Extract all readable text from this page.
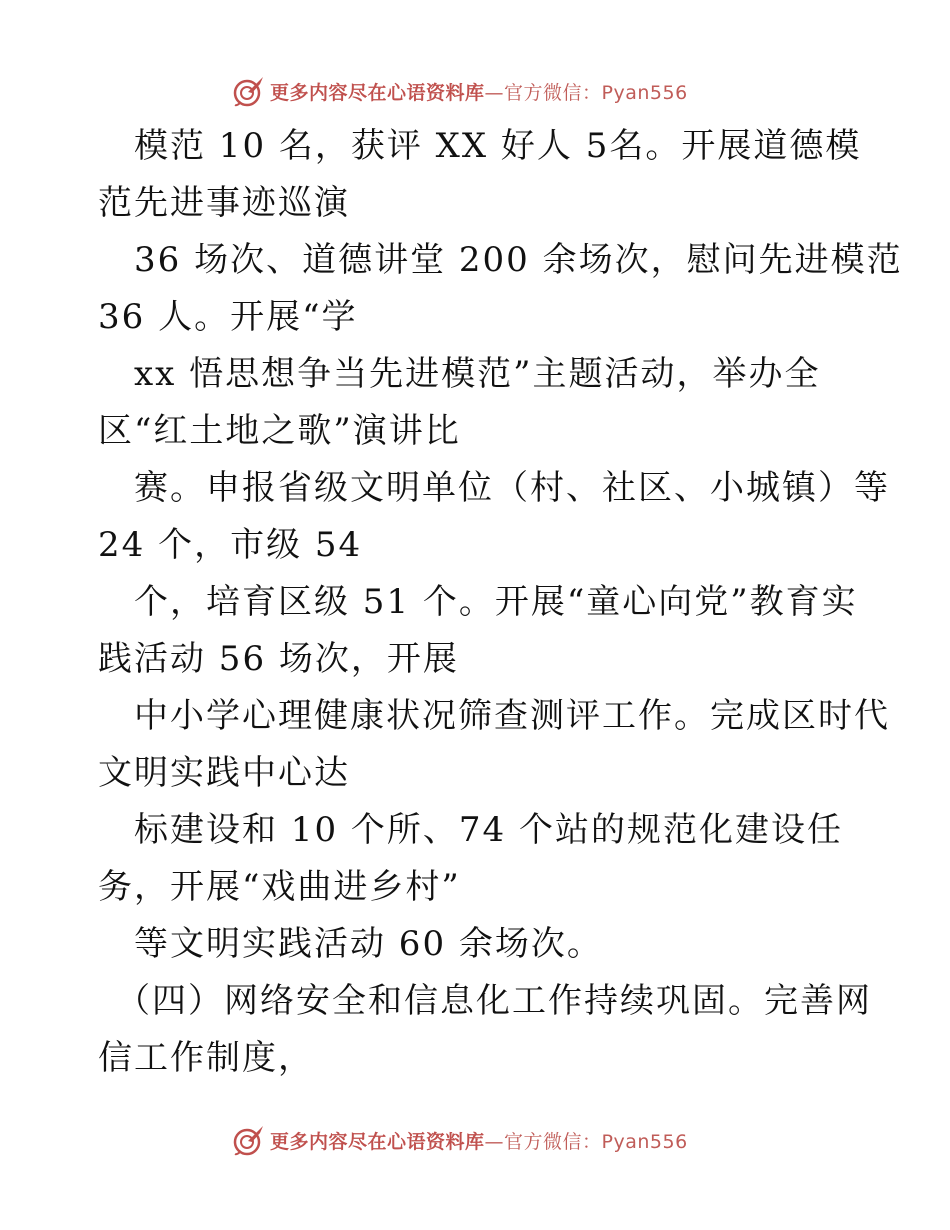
更多内容尽在心语资料库—官方微信：Pyan556
模范 10 名，获评 XX 好人 5名。开展道德模
范先进事迹巡演
36 场次、道德讲堂 200 余场次，慰问先进模范
36 人。开展“学
xx 悟思想争当先进模范”主题活动，举办全
区“红土地之歌”演讲比
赛。申报省级文明单位（村、社区、小城镇）等
24 个，市级 54
个，培育区级 51 个。开展“童心向党”教育实
践活动 56 场次，开展
中小学心理健康状况筛查测评工作。完成区时代
文明实践中心达
标建设和 10 个所、74 个站的规范化建设任
务，开展“戏曲进乡村”
等文明实践活动 60 余场次。
（四）网络安全和信息化工作持续巩固。完善网
信工作制度，
更多内容尽在心语资料库—官方微信：Pyan556
